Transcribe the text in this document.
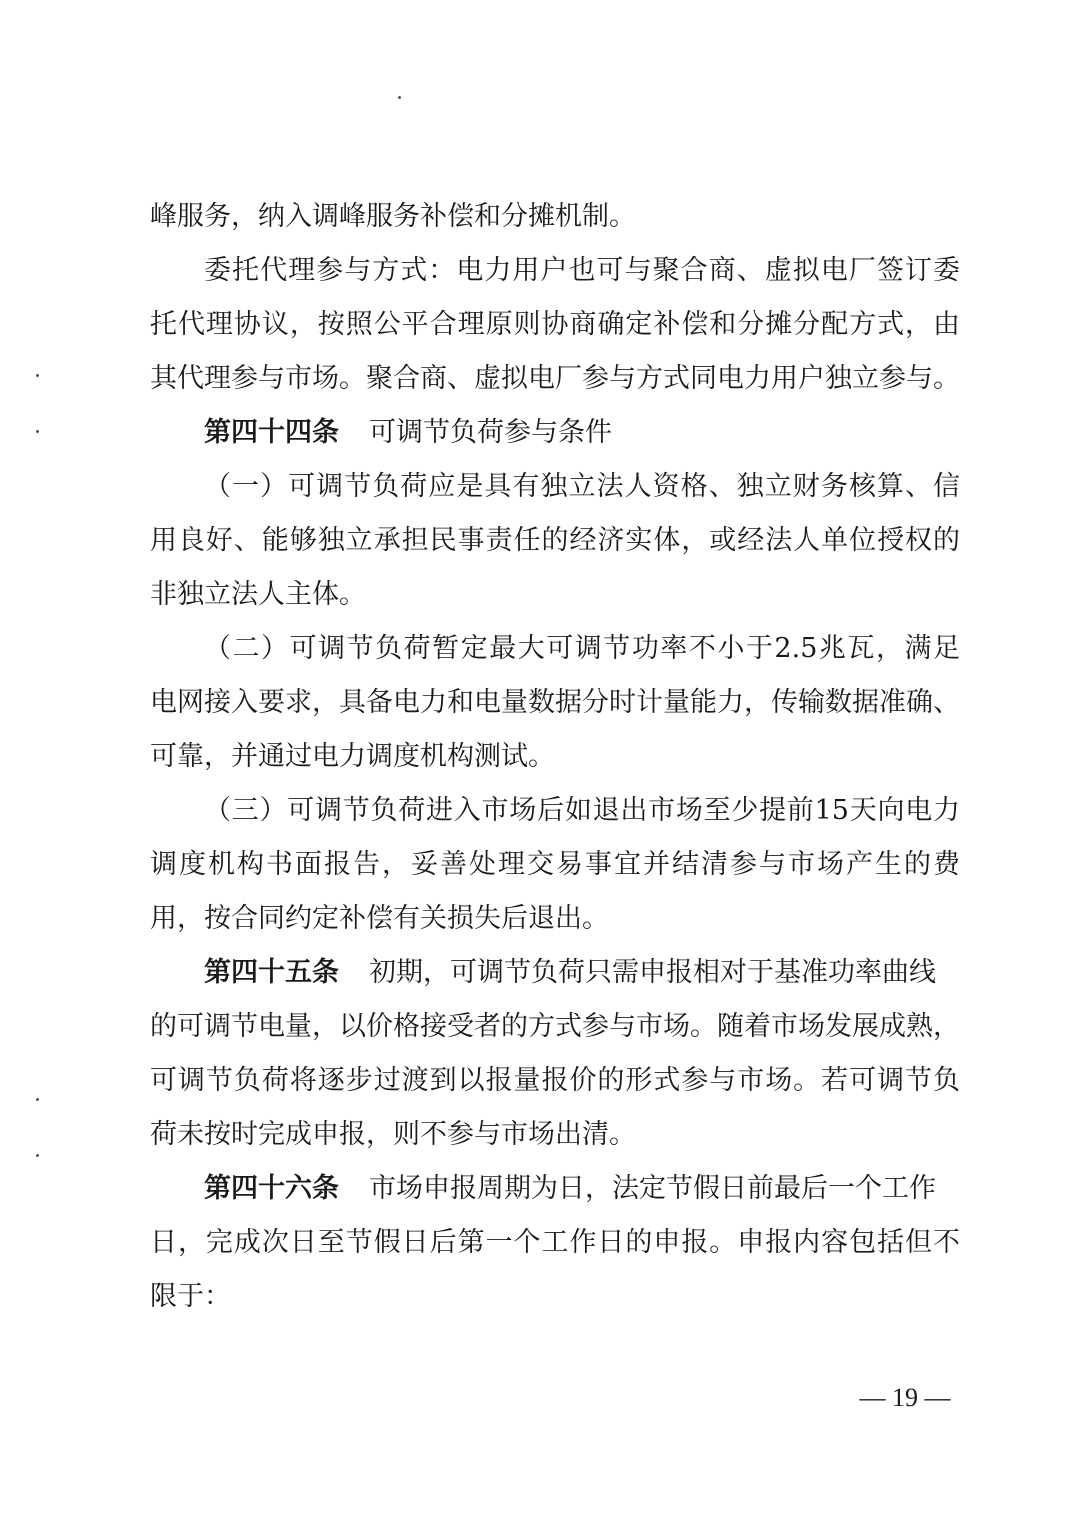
峰服务，纳入调峰服务补偿和分摊机制。
委托代理参与方式：电力用户也可与聚合商、虚拟电厂签订委
托代理协议，按照公平合理原则协商确定补偿和分摊分配方式，由
其代理参与市场。聚合商、虚拟电厂参与方式同电力用户独立参与。
第四十四条 可调节负荷参与条件
（一）可调节负荷应是具有独立法人资格、独立财务核算、信
用良好、能够独立承担民事责任的经济实体，或经法人单位授权的
非独立法人主体。
（二）可调节负荷暂定最大可调节功率不小于2.5兆瓦，满足
电网接入要求，具备电力和电量数据分时计量能力，传输数据准确、
可靠，并通过电力调度机构测试。
（三）可调节负荷进入市场后如退出市场至少提前15天向电力
调度机构书面报告，妥善处理交易事宜并结清参与市场产生的费
用，按合同约定补偿有关损失后退出。
第四十五条 初期，可调节负荷只需申报相对于基准功率曲线
的可调节电量，以价格接受者的方式参与市场。随着市场发展成熟，
可调节负荷将逐步过渡到以报量报价的形式参与市场。若可调节负
荷未按时完成申报，则不参与市场出清。
第四十六条 市场申报周期为日，法定节假日前最后一个工作
日，完成次日至节假日后第一个工作日的申报。申报内容包括但不
限于：
— 19 —
